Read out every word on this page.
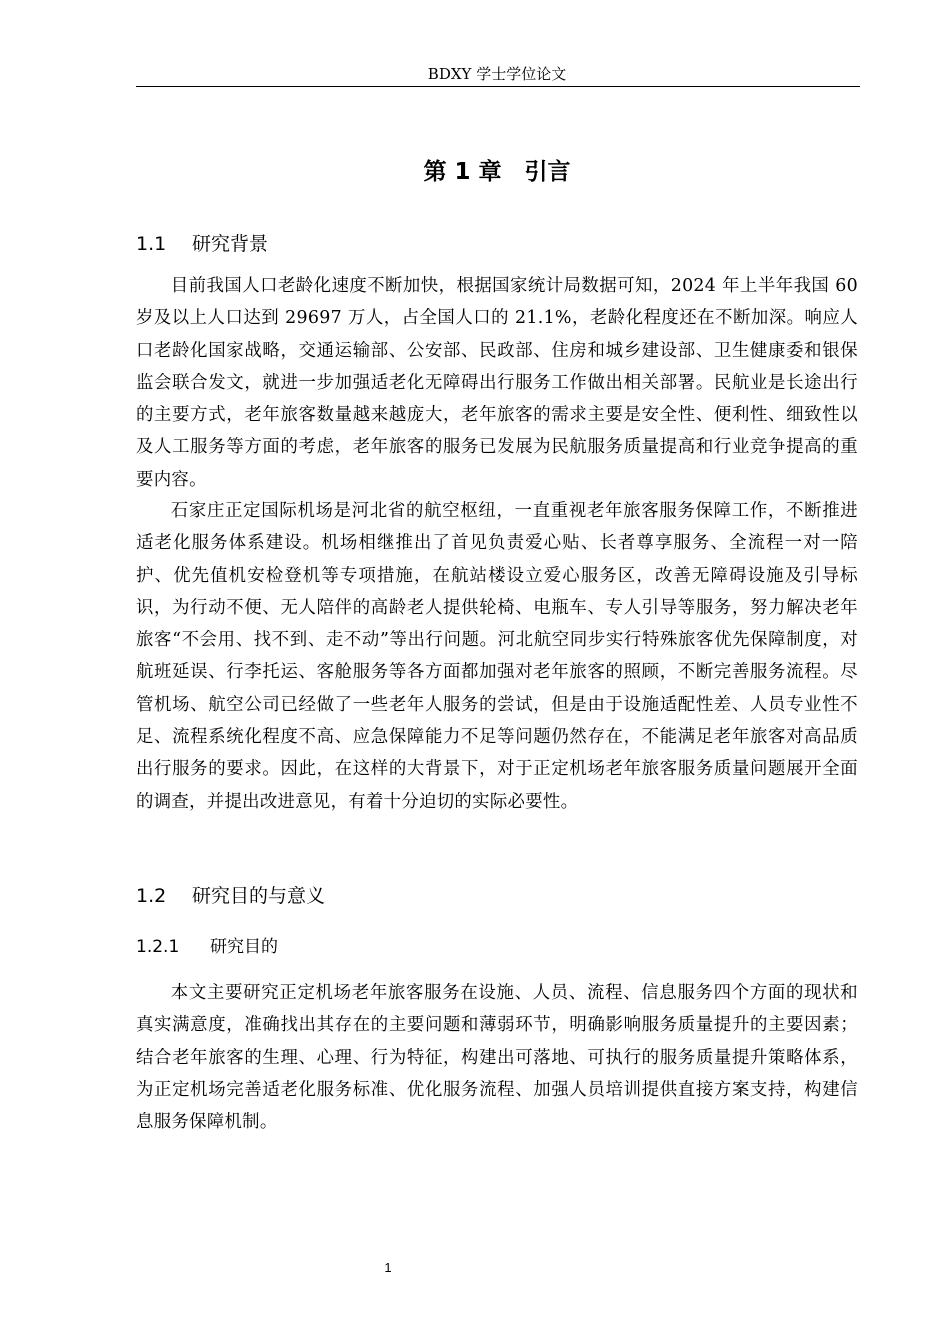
BDXY 学士学位论文
第 1 章　引言
1.1 研究背景

目前我国人口老龄化速度不断加快，根据国家统计局数据可知，2024 年上半年我国 60 岁及以上人口达到 29697 万人，占全国人口的 21.1%，老龄化程度还在不断加深。响应人口老龄化国家战略，交通运输部、公安部、民政部、住房和城乡建设部、卫生健康委和银保监会联合发文，就进一步加强适老化无障碍出行服务工作做出相关部署。民航业是长途出行的主要方式，老年旅客数量越来越庞大，老年旅客的需求主要是安全性、便利性、细致性以及人工服务等方面的考虑，老年旅客的服务已发展为民航服务质量提高和行业竞争提高的重要内容。

石家庄正定国际机场是河北省的航空枢纽，一直重视老年旅客服务保障工作，不断推进适老化服务体系建设。机场相继推出了首见负责爱心贴、长者尊享服务、全流程一对一陪护、优先值机安检登机等专项措施，在航站楼设立爱心服务区，改善无障碍设施及引导标识，为行动不便、无人陪伴的高龄老人提供轮椅、电瓶车、专人引导等服务，努力解决老年旅客“不会用、找不到、走不动”等出行问题。河北航空同步实行特殊旅客优先保障制度，对航班延误、行李托运、客舱服务等各方面都加强对老年旅客的照顾，不断完善服务流程。尽管机场、航空公司已经做了一些老年人服务的尝试，但是由于设施适配性差、人员专业性不足、流程系统化程度不高、应急保障能力不足等问题仍然存在，不能满足老年旅客对高品质出行服务的要求。因此，在这样的大背景下，对于正定机场老年旅客服务质量问题展开全面的调查，并提出改进意见，有着十分迫切的实际必要性。

1.2 研究目的与意义
1.2.1 研究目的

本文主要研究正定机场老年旅客服务在设施、人员、流程、信息服务四个方面的现状和真实满意度，准确找出其存在的主要问题和薄弱环节，明确影响服务质量提升的主要因素；结合老年旅客的生理、心理、行为特征，构建出可落地、可执行的服务质量提升策略体系，为正定机场完善适老化服务标准、优化服务流程、加强人员培训提供直接方案支持，构建信息服务保障机制。

1
